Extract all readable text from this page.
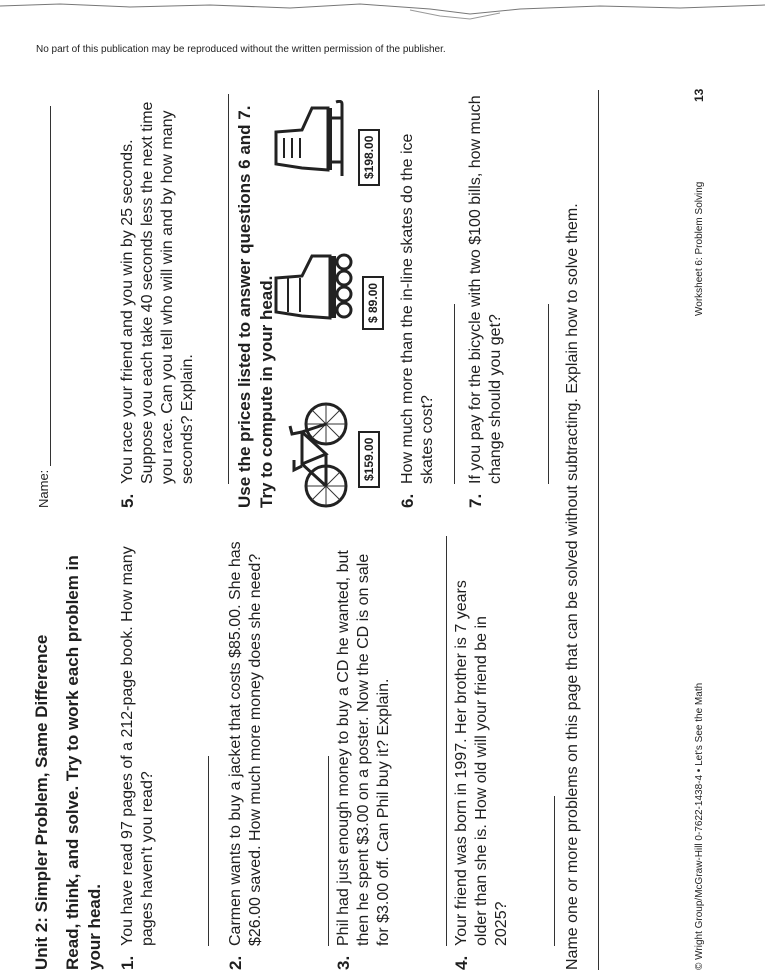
No part of this publication may be reproduced without the written permission of the publisher.
Unit 2: Simpler Problem, Same Difference
Name:
Read, think, and solve. Try to work each problem in your head. 1.
You have read 97 pages of a 212-page book. How many pages haven't you read?
2.
Carmen wants to buy a jacket that costs $85.00. She has $26.00 saved. How much more money does she need?
3.
Phil had just enough money to buy a CD he wanted, but then he spent $3.00 on a poster. Now the CD is on sale for $3.00 off. Can Phil buy it? Explain.
4.
Your friend was born in 1997. Her brother is 7 years older than she is. How old will your friend be in 2025?
5.
You race your friend and you win by 25 seconds. Suppose you each take 40 seconds less the next time you race. Can you tell who will win and by how many seconds? Explain. Use the prices listed to answer questions 6 and 7. Try to compute in your head.	$159.00
$ 89.00
$198.00
6.
How much more than the in-line skates do the ice skates cost?
7.
If you pay for the bicycle with two $100 bills, how much change should you get?	Name one or more problems on this page that can be solved without subtracting. Explain how to solve them.	© Wright Group/McGraw-Hill 0-7622-1438-4 • Let's See the Math
Worksheet 6: Problem Solving
13
